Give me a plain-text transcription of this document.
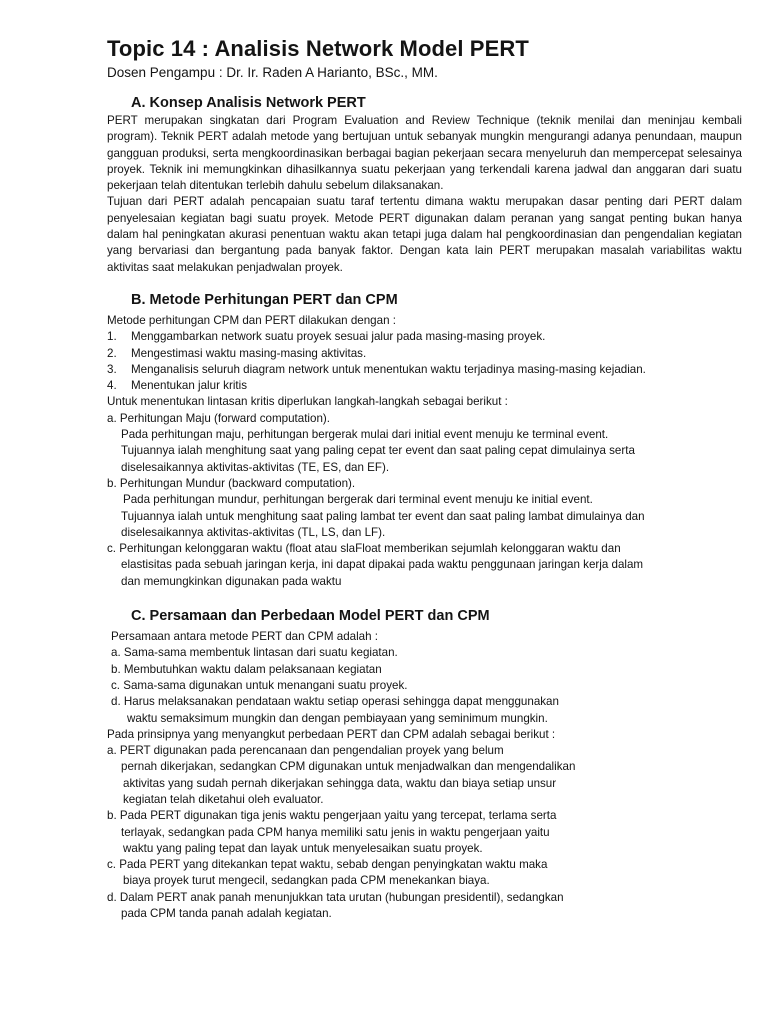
Topic 14 : Analisis Network Model PERT
Dosen Pengampu : Dr. Ir. Raden A Harianto, BSc., MM.
A. Konsep Analisis Network PERT

PERT merupakan singkatan dari Program Evaluation and Review Technique (teknik menilai dan meninjau kembali program). Teknik PERT adalah metode yang bertujuan untuk sebanyak mungkin mengurangi adanya penundaan, maupun gangguan produksi, serta mengkoordinasikan berbagai bagian pekerjaan secara menyeluruh dan mempercepat selesainya proyek. Teknik ini memungkinkan dihasilkannya suatu pekerjaan yang terkendali karena jadwal dan anggaran dari suatu pekerjaan telah ditentukan terlebih dahulu sebelum dilaksanakan.

Tujuan dari PERT adalah pencapaian suatu taraf tertentu dimana waktu merupakan dasar penting dari PERT dalam penyelesaian kegiatan bagi suatu proyek. Metode PERT digunakan dalam peranan yang sangat penting bukan hanya dalam hal peningkatan akurasi penentuan waktu akan tetapi juga dalam hal pengkoordinasian dan pengendalian kegiatan yang bervariasi dan bergantung pada banyak faktor. Dengan kata lain PERT merupakan masalah variabilitas waktu aktivitas saat melakukan penjadwalan proyek.

B. Metode Perhitungan PERT dan CPM

Metode perhitungan CPM dan PERT dilakukan dengan :

1.	Menggambarkan network suatu proyek sesuai jalur pada masing-masing proyek.
2.	Mengestimasi waktu masing-masing aktivitas.
3.	Menganalisis seluruh diagram network untuk menentukan waktu terjadinya masing-masing kejadian.
4.	Menentukan jalur kritis

Untuk menentukan lintasan kritis diperlukan langkah-langkah sebagai berikut :

a. Perhitungan Maju (forward computation).

Pada perhitungan maju, perhitungan bergerak mulai dari initial event menuju ke terminal event.

Tujuannya ialah menghitung saat yang paling cepat ter event dan saat paling cepat dimulainya serta

diselesaikannya aktivitas-aktivitas (TE, ES, dan EF).

b. Perhitungan Mundur (backward computation).

Pada perhitungan mundur, perhitungan bergerak dari terminal event menuju ke initial event.

Tujuannya ialah untuk menghitung saat paling lambat ter event dan saat paling lambat dimulainya dan

diselesaikannya aktivitas-aktivitas (TL, LS, dan LF).

c. Perhitungan kelonggaran waktu (float atau slaFloat memberikan sejumlah kelonggaran waktu dan

elastisitas pada sebuah jaringan kerja, ini dapat dipakai pada waktu penggunaan jaringan kerja dalam

dan memungkinkan digunakan pada waktu

C. Persamaan dan Perbedaan Model PERT dan CPM

Persamaan antara metode PERT dan CPM adalah :

a. Sama-sama membentuk lintasan dari suatu kegiatan.

b. Membutuhkan waktu dalam pelaksanaan kegiatan

c. Sama-sama digunakan untuk menangani suatu proyek.

d. Harus melaksanakan pendataan waktu setiap operasi sehingga dapat menggunakan

waktu semaksimum mungkin dan dengan pembiayaan yang seminimum mungkin.

Pada prinsipnya yang menyangkut perbedaan PERT dan CPM adalah sebagai berikut :

a. PERT digunakan pada perencanaan dan pengendalian proyek yang belum

pernah dikerjakan, sedangkan CPM digunakan untuk menjadwalkan dan mengendalikan

aktivitas yang sudah pernah dikerjakan sehingga data, waktu dan biaya setiap unsur

kegiatan telah diketahui oleh evaluator.

b. Pada PERT digunakan tiga jenis waktu pengerjaan yaitu yang tercepat, terlama serta

terlayak, sedangkan pada CPM hanya memiliki satu jenis in waktu pengerjaan yaitu

waktu yang paling tepat dan layak untuk menyelesaikan suatu proyek.

c. Pada PERT yang ditekankan tepat waktu, sebab dengan penyingkatan waktu maka

biaya proyek turut mengecil, sedangkan pada CPM menekankan biaya.

d. Dalam PERT anak panah menunjukkan tata urutan (hubungan presidentil), sedangkan

pada CPM tanda panah adalah kegiatan.
